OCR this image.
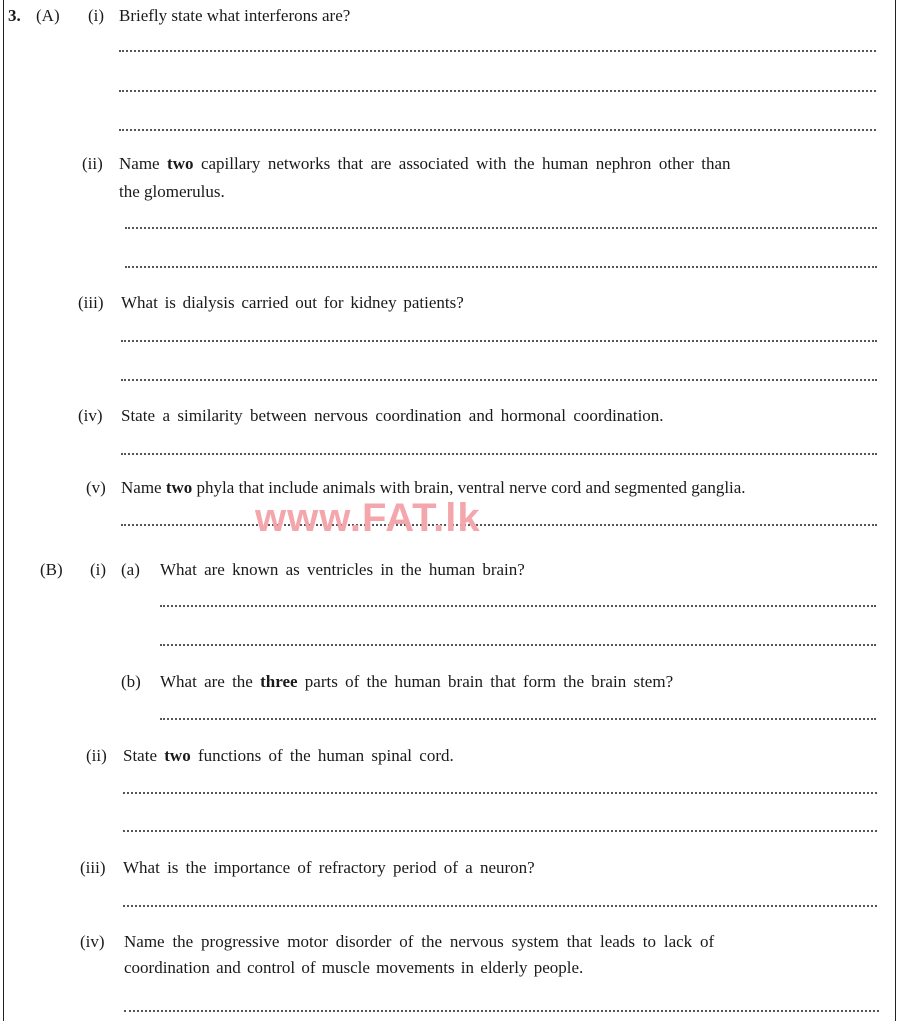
3. (A) (i) Briefly state what interferons are?
(ii) Name two capillary networks that are associated with the human nephron other than
the glomerulus.
(iii) What is dialysis carried out for kidney patients?
(iv) State a similarity between nervous coordination and hormonal coordination.
(v) Name two phyla that include animals with brain, ventral nerve cord and segmented ganglia.
www.FAT.lk
(B) (i) (a) What are known as ventricles in the human brain?
(b) What are the three parts of the human brain that form the brain stem?
(ii) State two functions of the human spinal cord.
(iii) What is the importance of refractory period of a neuron?
(iv) Name the progressive motor disorder of the nervous system that leads to lack of
coordination and control of muscle movements in elderly people.
